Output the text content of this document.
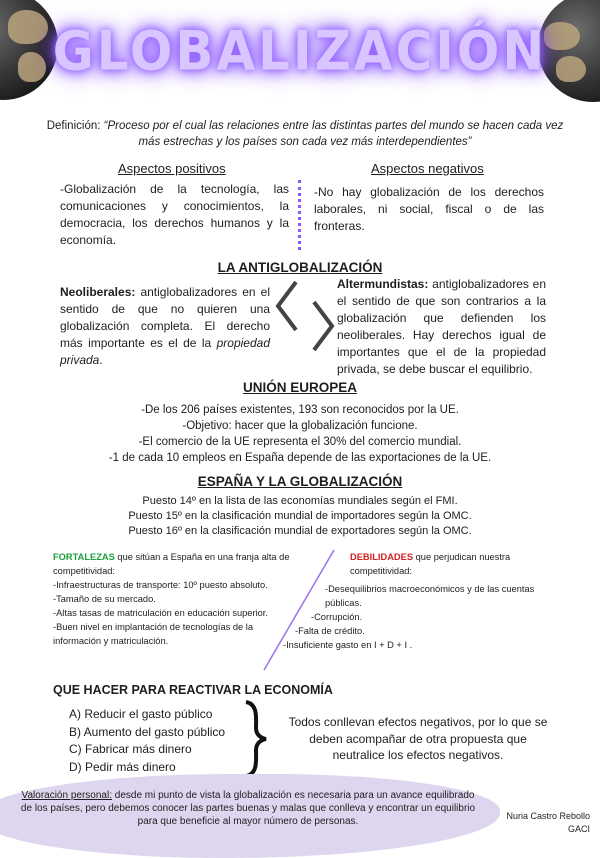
GLOBALIZACIÓN
Definición: “Proceso por el cual las relaciones entre las distintas partes del mundo se hacen cada vez más estrechas y los países son cada vez más interdependientes”
Aspectos positivos	Aspectos negativos
-Globalización de la tecnología, las comunicaciones y conocimientos, la democracia, los derechos humanos y la economía.
-No hay globalización de los derechos laborales, ni social, fiscal o de las fronteras.
LA ANTIGLOBALIZACIÓN
Neoliberales: antiglobalizadores en el sentido de que no quieren una globalización completa. El derecho más importante es el de la propiedad privada.
Altermundistas: antiglobalizadores en el sentido de que son contrarios a la globalización que defienden los neoliberales. Hay derechos igual de importantes que el de la propiedad privada, se debe buscar el equilibrio.
UNIÓN EUROPEA
-De los 206 países existentes, 193 son reconocidos por la UE.
-Objetivo: hacer que la globalización funcione.
-El comercio de la UE representa el 30% del comercio mundial.
-1 de cada 10 empleos en España depende de las exportaciones de la UE.
ESPAÑA Y LA GLOBALIZACIÓN
Puesto 14º en la lista de las economías mundiales según el FMI.
Puesto 15º en la clasificación mundial de importadores según la OMC.
Puesto 16º en la clasificación mundial de exportadores según la OMC.
FORTALEZAS que sitúan a España en una franja alta de competitividad:
-Infraestructuras de transporte: 10º puesto absoluto.
-Tamaño de su mercado.
-Altas tasas de matriculación en educación superior.
-Buen nivel en implantación de tecnologías de la información y matriculación.
DEBILIDADES que perjudican nuestra competitividad:
-Desequilibrios macroeconómicos y de las cuentas públicas.
-Corrupción.
-Falta de crédito.
-Insuficiente gasto en I + D + I .
QUE HACER PARA REACTIVAR LA ECONOMÍA
A) Reducir el gasto público
B) Aumento del gasto público
C) Fabricar más dinero
D) Pedir más dinero
Todos conllevan efectos negativos, por lo que se deben acompañar de otra propuesta que neutralice los efectos negativos.
Valoración personal: desde mi punto de vista la globalización es necesaria para un avance equilibrado de los países, pero debemos conocer las partes buenas y malas que conlleva y encontrar un equilibrio para que beneficie al mayor número de personas.	Nuria Castro Rebollo
GACI
